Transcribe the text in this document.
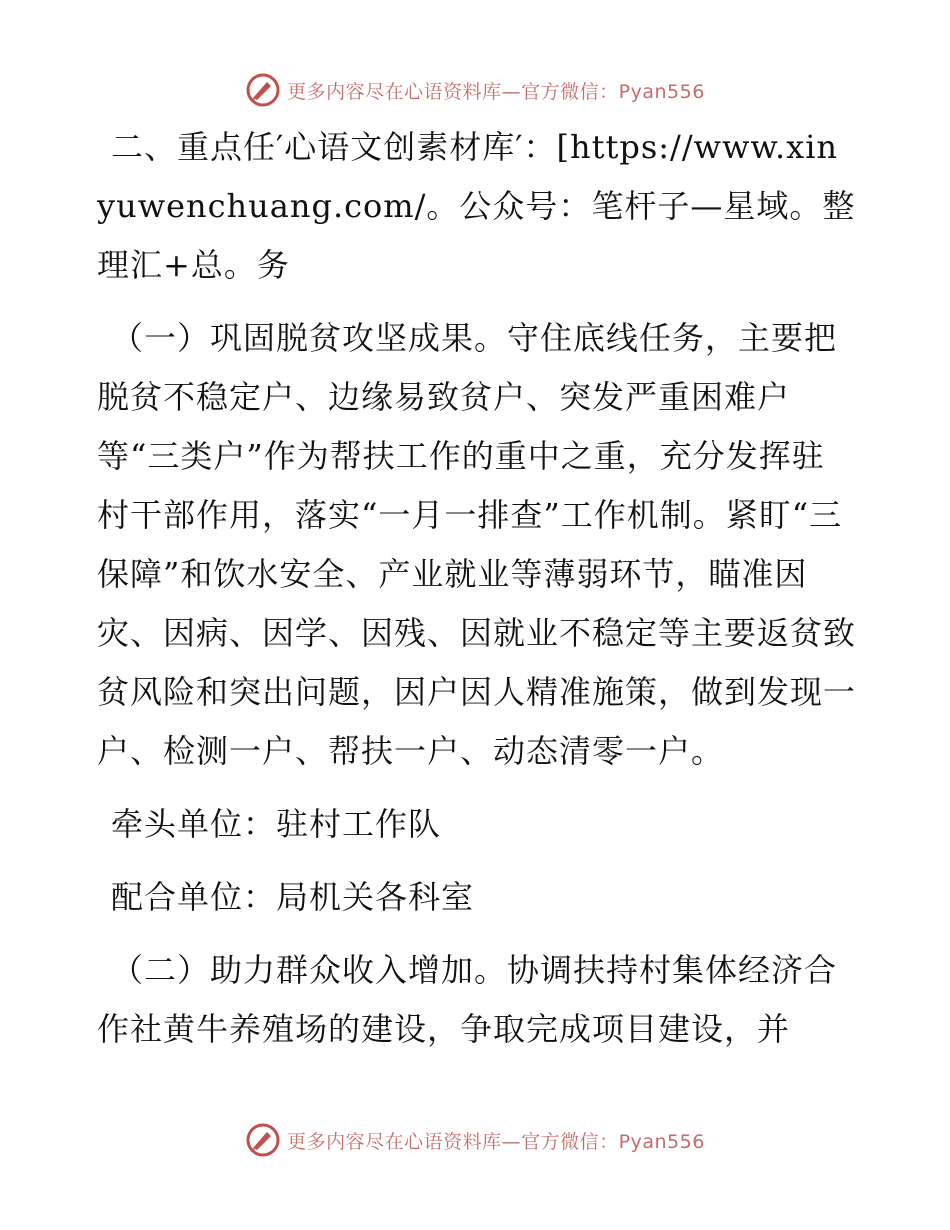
更多内容尽在心语资料库—官方微信：Pyan556

二、重点任′心语文创素材库′：[https://www.xinyuwenchuang.com/。公众号：笔杆子—星域。整理汇+总。务

（一）巩固脱贫攻坚成果。守住底线任务，主要把脱贫不稳定户、边缘易致贫户、突发严重困难户等“三类户”作为帮扶工作的重中之重，充分发挥驻村干部作用，落实“一月一排查”工作机制。紧盯“三保障”和饮水安全、产业就业等薄弱环节，瞄准因灾、因病、因学、因残、因就业不稳定等主要返贫致贫风险和突出问题，因户因人精准施策，做到发现一户、检测一户、帮扶一户、动态清零一户。

牵头单位：驻村工作队

配合单位：局机关各科室

（二）助力群众收入增加。协调扶持村集体经济合作社黄牛养殖场的建设，争取完成项目建设，并

更多内容尽在心语资料库—官方微信：Pyan556
